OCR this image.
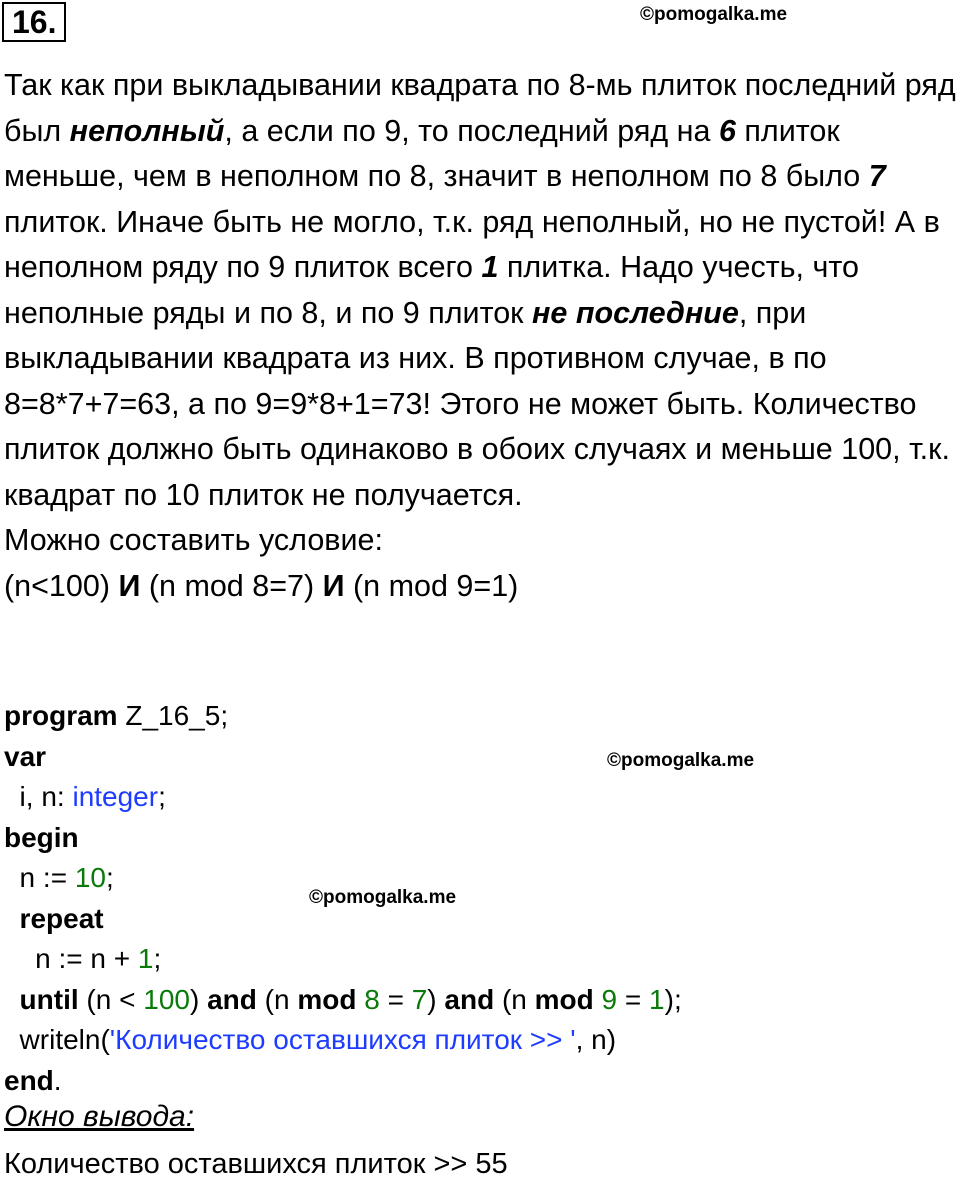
16.	©pomogalka.me
©pomogalka.me
©pomogalka.me
Так как при выкладывании квадрата по 8-мь плиток последний ряд был неполный, а если по 9, то последний ряд на 6 плиток меньше, чем в неполном по 8, значит в неполном по 8 было 7 плиток. Иначе быть не могло, т.к. ряд неполный, но не пустой! А в неполном ряду по 9 плиток всего 1 плитка. Надо учесть, что неполные ряды и по 8, и по 9 плиток не последние, при выкладывании квадрата из них. В противном случае, в по 8=8*7+7=63, а по 9=9*8+1=73! Этого не может быть. Количество плиток должно быть одинаково в обоих случаях и меньше 100, т.к. квадрат по 10 плиток не получается.
Можно составить условие:
(n<100) И (n mod 8=7) И (n mod 9=1)
program Z_16_5;
var
i, n: integer;
begin
n := 10;
repeat
n := n + 1;
until (n < 100) and (n mod 8 = 7) and (n mod 9 = 1);
writeln('Количество оставшихся плиток >> ', n)
end.
Окно вывода:
Количество оставшихся плиток >> 55
